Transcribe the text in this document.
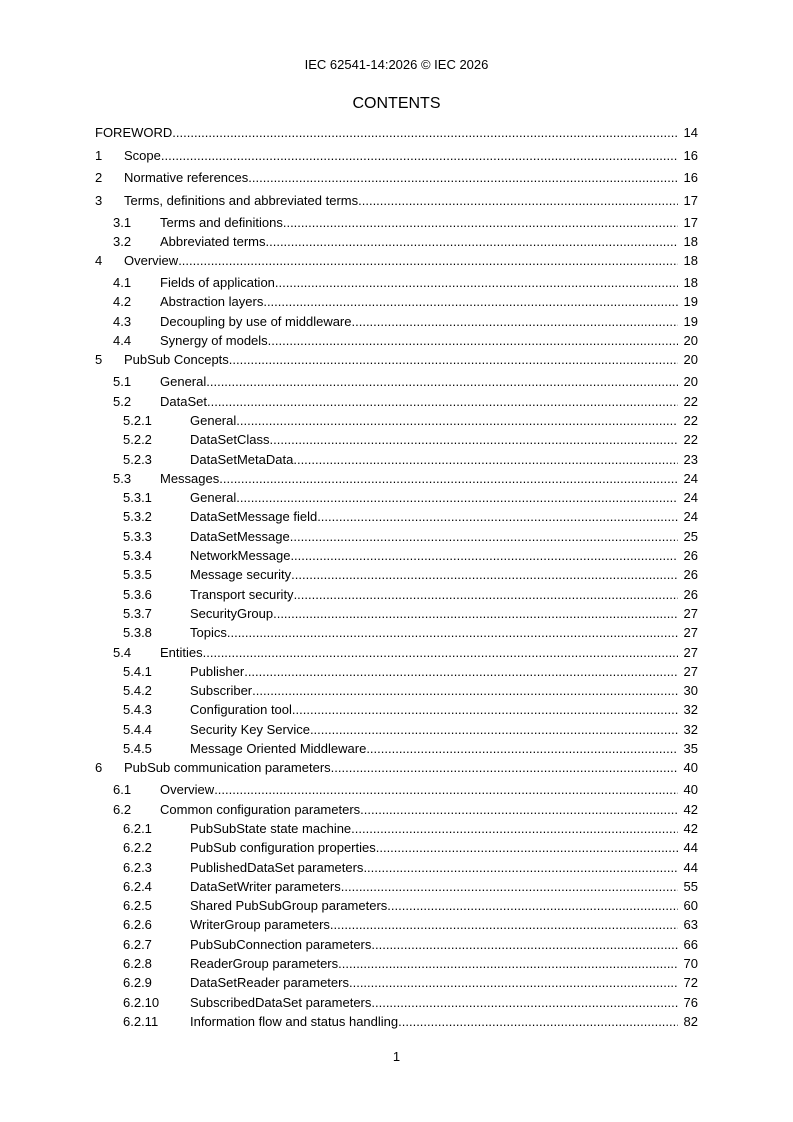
IEC 62541-14:2026 © IEC 2026
CONTENTS
FOREWORD .....	14
1 Scope .....	16
2 Normative references .....	16
3 Terms, definitions and abbreviated terms .....	17
3.1 Terms and definitions .....	17
3.2 Abbreviated terms .....	18
4 Overview .....	18
4.1 Fields of application .....	18
4.2 Abstraction layers .....	19
4.3 Decoupling by use of middleware .....	19
4.4 Synergy of models .....	20
5 PubSub Concepts .....	20
5.1 General .....	20
5.2 DataSet .....	22
5.2.1	General .....	22
5.2.2	DataSetClass .....	22
5.2.3	DataSetMetaData .....	23
5.3 Messages .....	24
5.3.1	General .....	24
5.3.2	DataSetMessage field .....	24
5.3.3	DataSetMessage .....	25
5.3.4	NetworkMessage .....	26
5.3.5	Message security .....	26
5.3.6	Transport security .....	26
5.3.7	SecurityGroup .....	27
5.3.8	Topics .....	27
5.4 Entities .....	27
5.4.1	Publisher .....	27
5.4.2	Subscriber .....	30
5.4.3	Configuration tool .....	32
5.4.4	Security Key Service .....	32
5.4.5	Message Oriented Middleware .....	35
6 PubSub communication parameters .....	40
6.1 Overview .....	40
6.2 Common configuration parameters .....	42
6.2.1	PubSubState state machine .....	42
6.2.2	PubSub configuration properties .....	44
6.2.3	PublishedDataSet parameters .....	44
6.2.4	DataSetWriter parameters .....	55
6.2.5	Shared PubSubGroup parameters .....	60
6.2.6	WriterGroup parameters .....	63
6.2.7	PubSubConnection parameters .....	66
6.2.8	ReaderGroup parameters .....	70
6.2.9	DataSetReader parameters .....	72
6.2.10 SubscribedDataSet parameters .....	76
6.2.11 Information flow and status handling .....	82
1
